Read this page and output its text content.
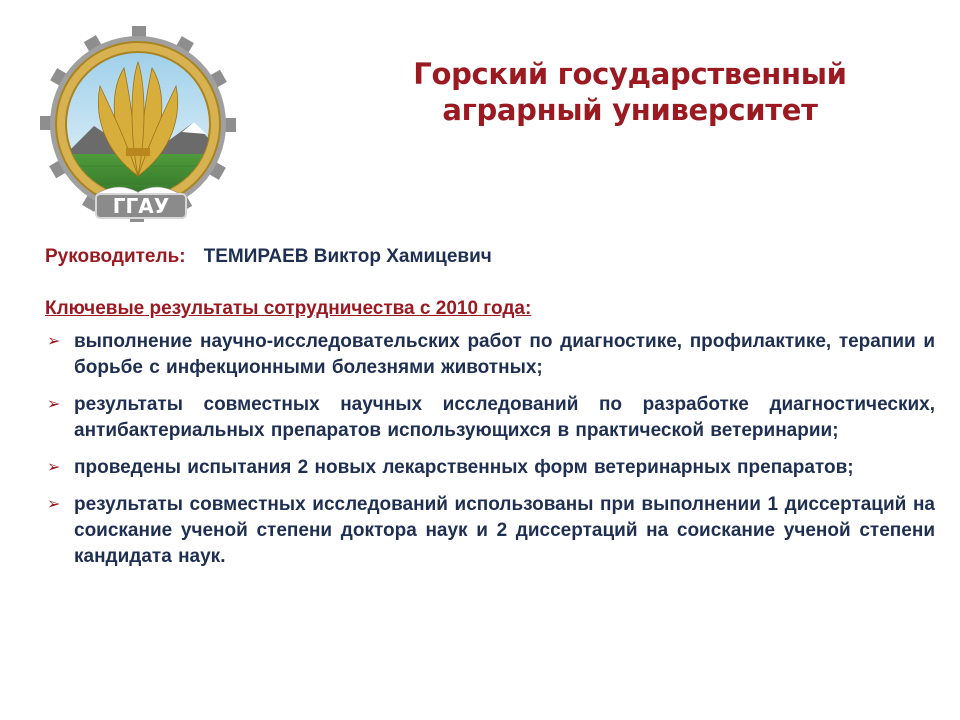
ГГАУ
Горский государственный
аграрный университет
Руководитель: ТЕМИРАЕВ Виктор Хамицевич
Ключевые результаты сотрудничества с 2010 года:
➢ выполнение научно-исследовательских работ по диагностике, профилактике, терапии и борьбе с инфекционными болезнями животных;
➢ результаты совместных научных исследований по разработке диагностических, антибактериальных препаратов использующихся в практической ветеринарии;
➢ проведены испытания 2 новых лекарственных форм ветеринарных препаратов;
➢ результаты совместных исследований использованы при выполнении 1 диссертаций на соискание ученой степени доктора наук и 2 диссертаций на соискание ученой степени кандидата наук.
